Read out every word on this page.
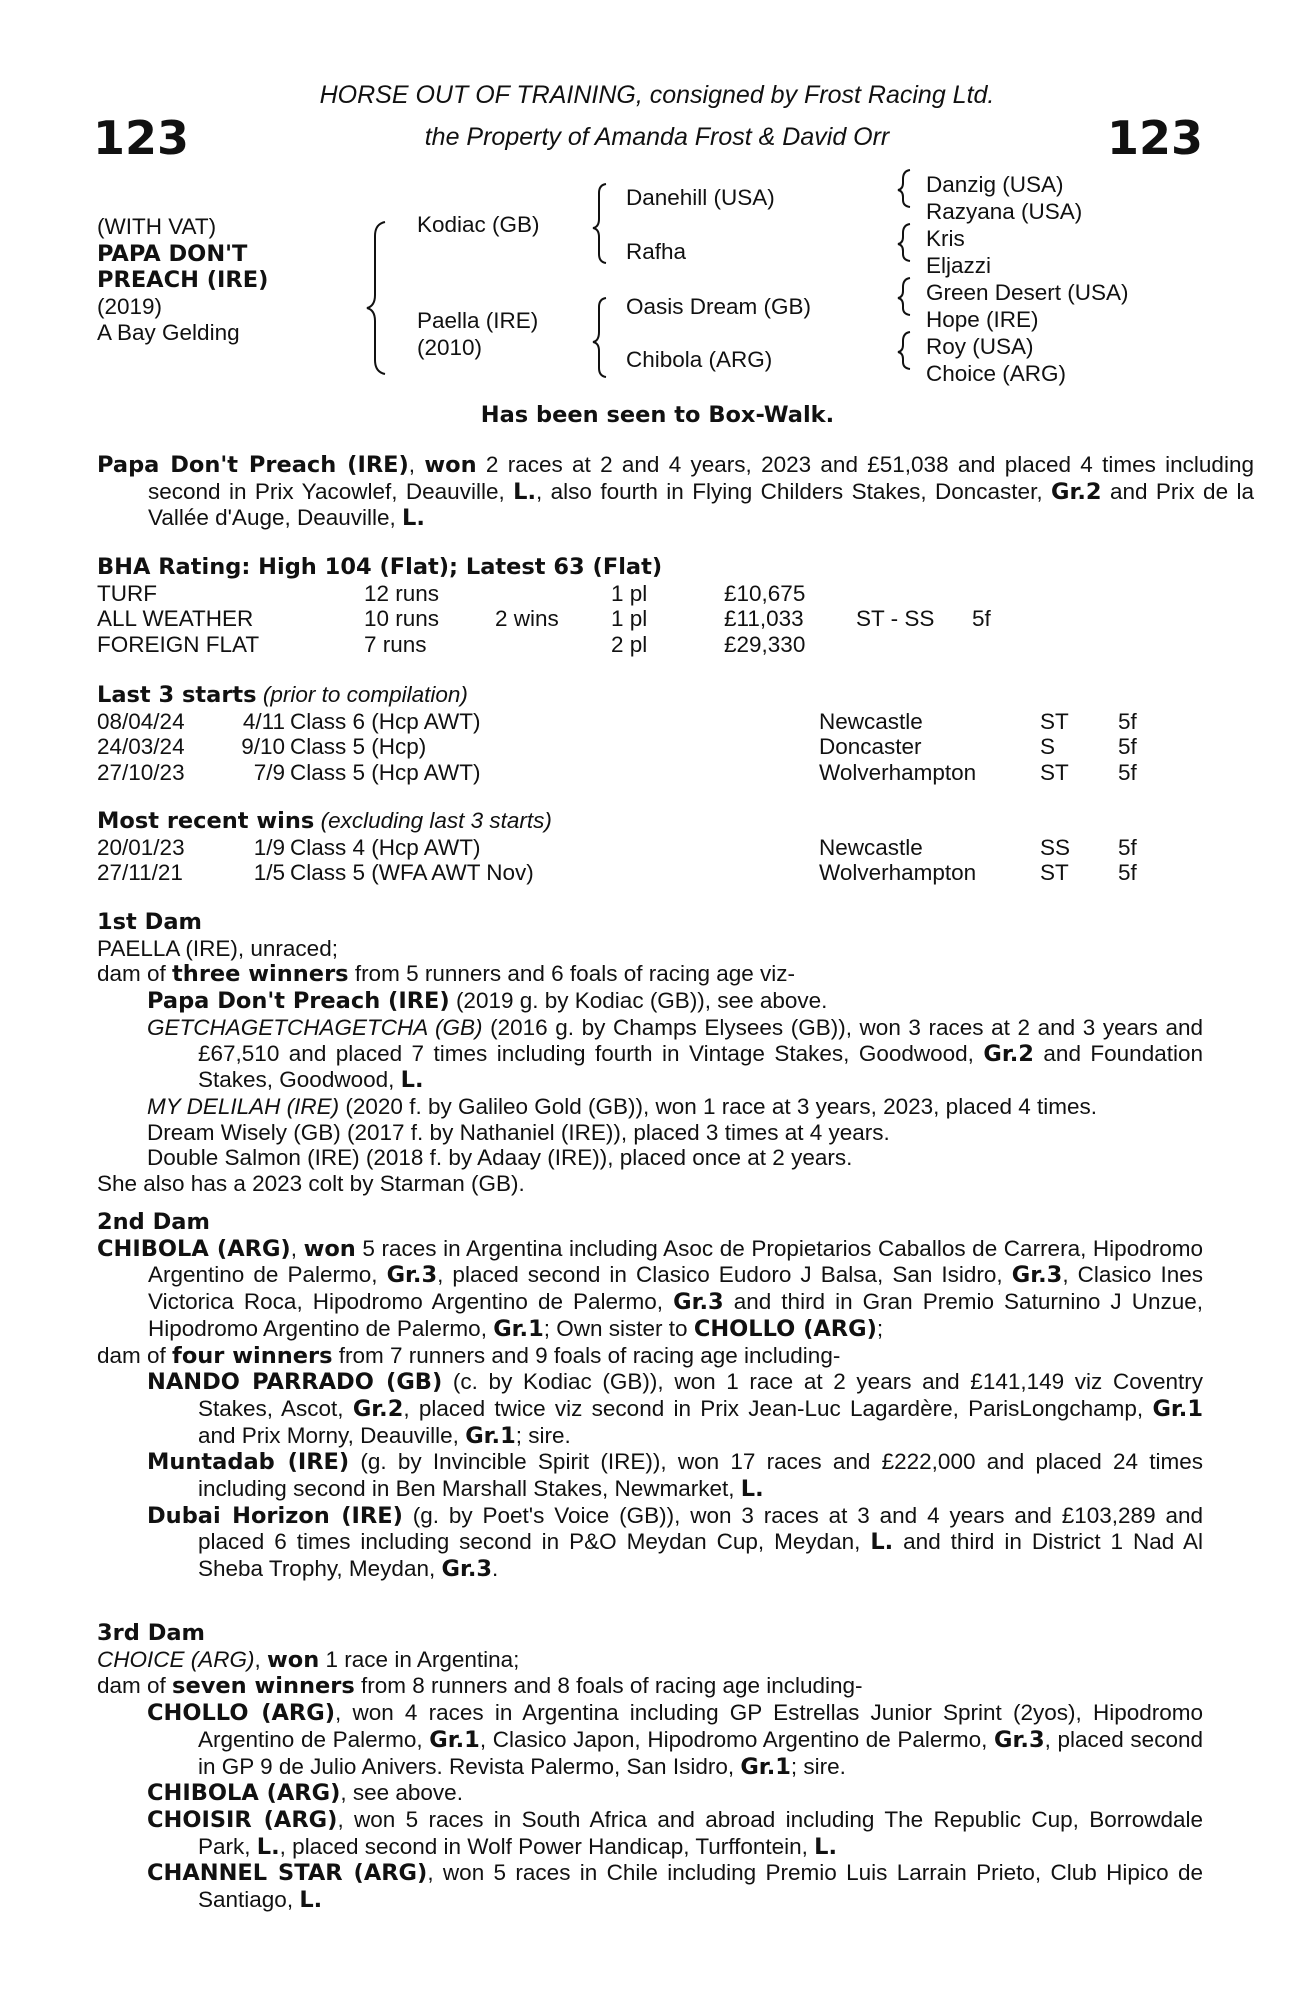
123	123
HORSE OUT OF TRAINING, consigned by Frost Racing Ltd.
the Property of Amanda Frost & David Orr
(WITH VAT)
PAPA DON'T
PREACH (IRE)
(2019)
A Bay Gelding
Kodiac (GB)
Paella (IRE)
(2010)
Danehill (USA)
Rafha
Oasis Dream (GB)
Chibola (ARG)
Danzig (USA)
Razyana (USA)
Kris
Eljazzi
Green Desert (USA)
Hope (IRE)
Roy (USA)
Choice (ARG)
Has been seen to Box-Walk.
Papa Don't Preach (IRE), won 2 races at 2 and 4 years, 2023 and £51,038 and placed 4 times including second in Prix Yacowlef, Deauville, L., also fourth in Flying Childers Stakes, Doncaster, Gr.2 and Prix de la Vallée d'Auge, Deauville, L.
BHA Rating: High 104 (Flat); Latest 63 (Flat)
TURF	12 runs	1 pl	£10,675
ALL WEATHER	10 runs 2 wins 1 pl	£11,033 ST - SS 5f
FOREIGN FLAT	7 runs	2 pl	£29,330
Last 3 starts (prior to compilation)
08/04/24	4/11 Class 6 (Hcp AWT)	Newcastle	ST 5f
24/03/24	9/10 Class 5 (Hcp)	Doncaster	S	5f
27/10/23	7/9 Class 5 (Hcp AWT)	Wolverhampton	ST 5f
Most recent wins (excluding last 3 starts)
20/01/23	1/9 Class 4 (Hcp AWT)	Newcastle	SS 5f
27/11/21	1/5 Class 5 (WFA AWT Nov)	Wolverhampton	ST 5f
1st Dam
PAELLA (IRE), unraced;
dam of three winners from 5 runners and 6 foals of racing age viz-
Papa Don't Preach (IRE) (2019 g. by Kodiac (GB)), see above.
GETCHAGETCHAGETCHA (GB) (2016 g. by Champs Elysees (GB)), won 3 races at 2 and 3 years and £67,510 and placed 7 times including fourth in Vintage Stakes, Goodwood, Gr.2 and Foundation Stakes, Goodwood, L.
MY DELILAH (IRE) (2020 f. by Galileo Gold (GB)), won 1 race at 3 years, 2023, placed 4 times.
Dream Wisely (GB) (2017 f. by Nathaniel (IRE)), placed 3 times at 4 years.
Double Salmon (IRE) (2018 f. by Adaay (IRE)), placed once at 2 years.
She also has a 2023 colt by Starman (GB).
2nd Dam
CHIBOLA (ARG), won 5 races in Argentina including Asoc de Propietarios Caballos de Carrera, Hipodromo Argentino de Palermo, Gr.3, placed second in Clasico Eudoro J Balsa, San Isidro, Gr.3, Clasico Ines Victorica Roca, Hipodromo Argentino de Palermo, Gr.3 and third in Gran Premio Saturnino J Unzue, Hipodromo Argentino de Palermo, Gr.1; Own sister to CHOLLO (ARG);
dam of four winners from 7 runners and 9 foals of racing age including-
NANDO PARRADO (GB) (c. by Kodiac (GB)), won 1 race at 2 years and £141,149 viz Coventry Stakes, Ascot, Gr.2, placed twice viz second in Prix Jean-Luc Lagardère, ParisLongchamp, Gr.1 and Prix Morny, Deauville, Gr.1; sire.
Muntadab (IRE) (g. by Invincible Spirit (IRE)), won 17 races and £222,000 and placed 24 times including second in Ben Marshall Stakes, Newmarket, L.
Dubai Horizon (IRE) (g. by Poet's Voice (GB)), won 3 races at 3 and 4 years and £103,289 and placed 6 times including second in P&O Meydan Cup, Meydan, L. and third in District 1 Nad Al Sheba Trophy, Meydan, Gr.3.
3rd Dam
CHOICE (ARG), won 1 race in Argentina;
dam of seven winners from 8 runners and 8 foals of racing age including-
CHOLLO (ARG), won 4 races in Argentina including GP Estrellas Junior Sprint (2yos), Hipodromo Argentino de Palermo, Gr.1, Clasico Japon, Hipodromo Argentino de Palermo, Gr.3, placed second in GP 9 de Julio Anivers. Revista Palermo, San Isidro, Gr.1; sire.
CHIBOLA (ARG), see above.
CHOISIR (ARG), won 5 races in South Africa and abroad including The Republic Cup, Borrowdale Park, L., placed second in Wolf Power Handicap, Turffontein, L.
CHANNEL STAR (ARG), won 5 races in Chile including Premio Luis Larrain Prieto, Club Hipico de Santiago, L.
